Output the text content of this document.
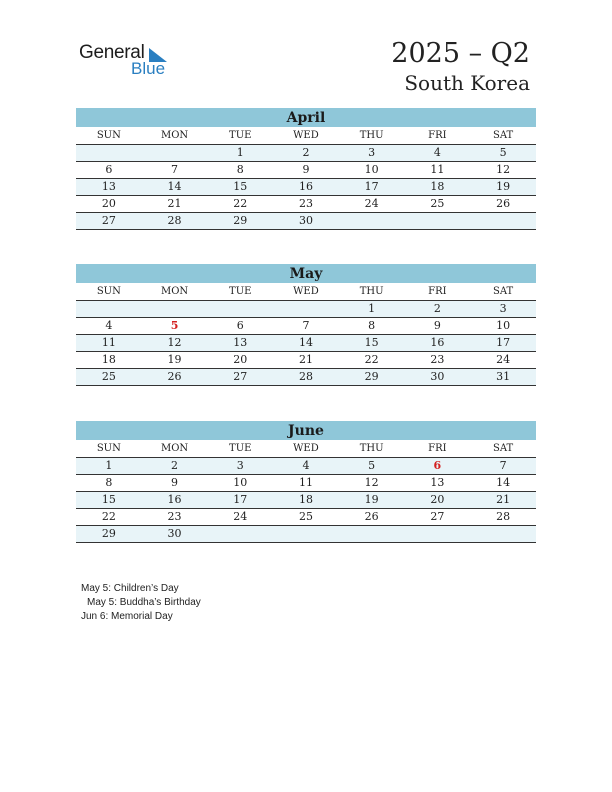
General
Blue	2025 – Q2
South Korea
April
SUN	MON	TUE	WED	THU	FRI	SAT
		1	2	3	4	5
6	7	8	9	10	11	12
13	14	15	16	17	18	19
20	21	22	23	24	25	26
27	28	29	30			
May
SUN	MON	TUE	WED	THU	FRI	SAT
				1	2	3
4	5	6	7	8	9	10
11	12	13	14	15	16	17
18	19	20	21	22	23	24
25	26	27	28	29	30	31
June
SUN	MON	TUE	WED	THU	FRI	SAT
1	2	3	4	5	6	7
8	9	10	11	12	13	14
15	16	17	18	19	20	21
22	23	24	25	26	27	28
29	30					
May 5: Children’s Day
May 5: Buddha’s Birthday
Jun 6: Memorial Day
